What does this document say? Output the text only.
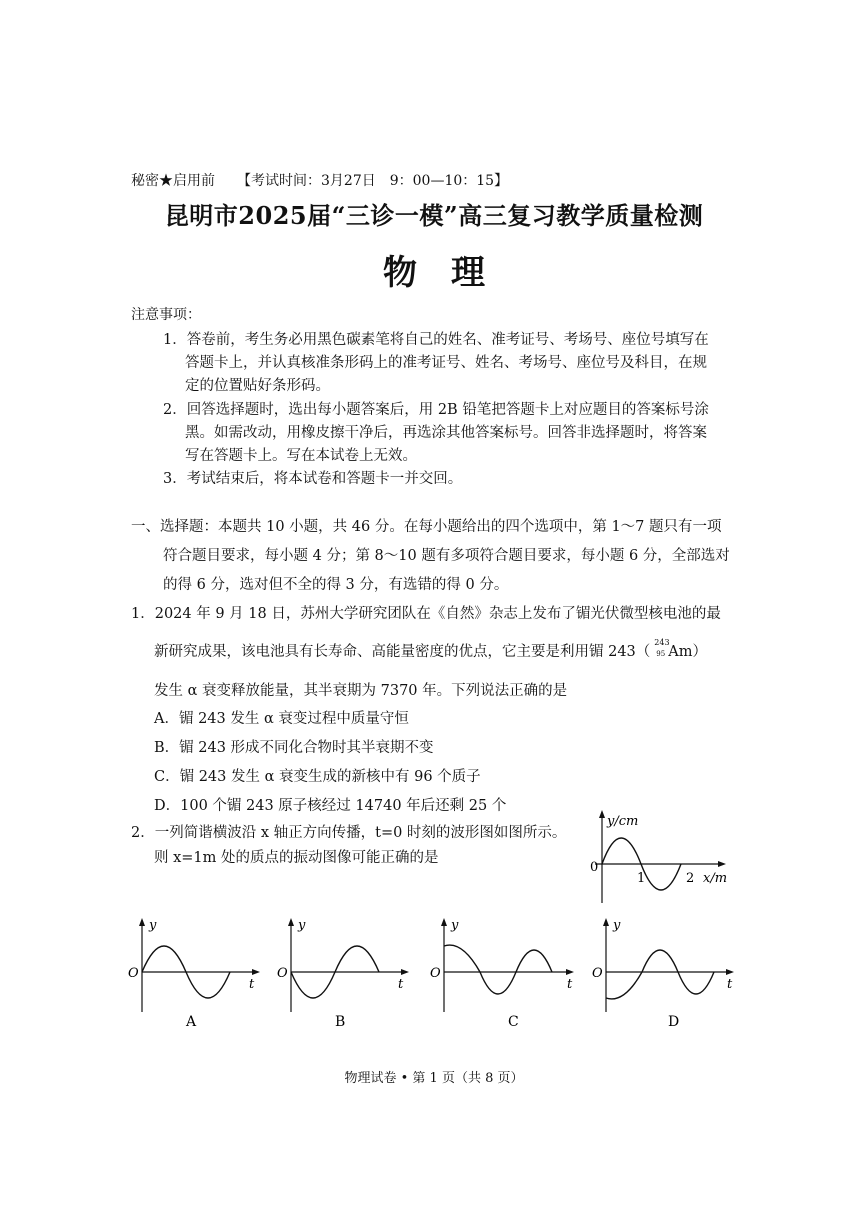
秘密★启用前 【考试时间：3月27日　9：00—10：15】
昆明市2025届“三诊一模”高三复习教学质量检测
物理
注意事项：
1．答卷前，考生务必用黑色碳素笔将自己的姓名、准考证号、考场号、座位号填写在
答题卡上，并认真核准条形码上的准考证号、姓名、考场号、座位号及科目，在规
定的位置贴好条形码。
2．回答选择题时，选出每小题答案后，用 2B 铅笔把答题卡上对应题目的答案标号涂
黑。如需改动，用橡皮擦干净后，再选涂其他答案标号。回答非选择题时，将答案
写在答题卡上。写在本试卷上无效。
3．考试结束后，将本试卷和答题卡一并交回。
一、选择题：本题共 10 小题，共 46 分。在每小题给出的四个选项中，第 1～7 题只有一项
符合题目要求，每小题 4 分；第 8～10 题有多项符合题目要求，每小题 6 分，全部选对
的得 6 分，选对但不全的得 3 分，有选错的得 0 分。
1．2024 年 9 月 18 日，苏州大学研究团队在《自然》杂志上发布了镅光伏微型核电池的最
新研究成果，该电池具有长寿命、高能量密度的优点，它主要是利用镅 243（
243
95 Am）
发生 α 衰变释放能量，其半衰期为 7370 年。下列说法正确的是
A．镅 243 发生 α 衰变过程中质量守恒
B．镅 243 形成不同化合物时其半衰期不变
C．镅 243 发生 α 衰变生成的新核中有 96 个质子
D．100 个镅 243 原子核经过 14740 年后还剩 25 个
2．一列简谐横波沿 x 轴正方向传播，t=0 时刻的波形图如图所示。
则 x=1m 处的质点的振动图像可能正确的是
y/cm
0
1	2 x/m
y
O
t
A
y
O
t
B
y
O
t
C
y
O
t
D
物理试卷 • 第 1 页（共 8 页）
